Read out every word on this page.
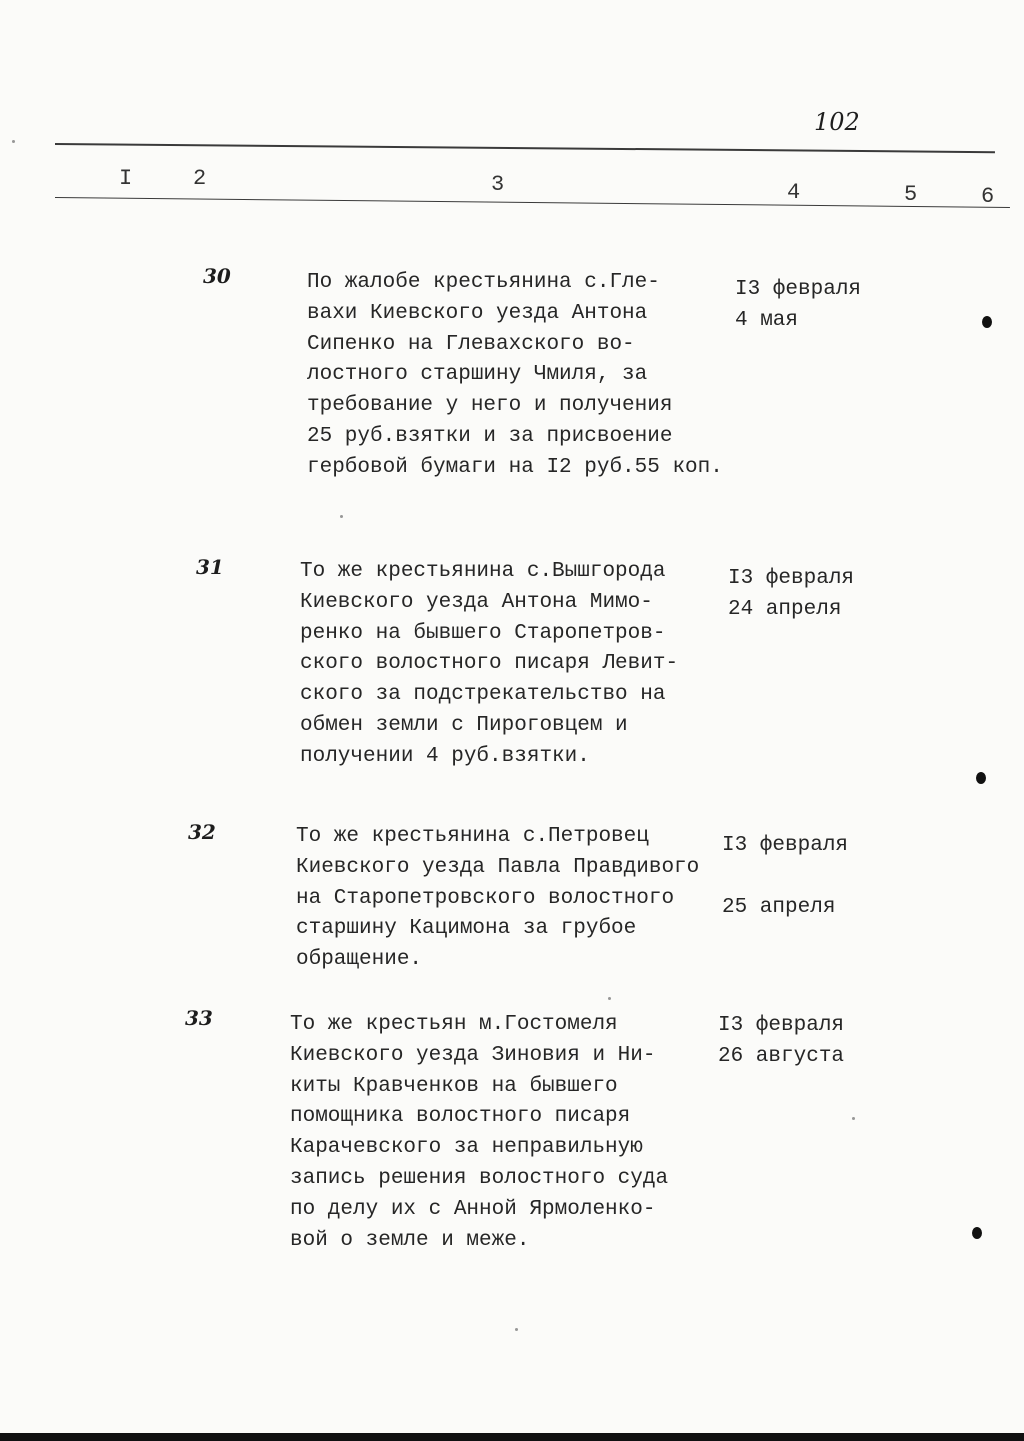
102
I	2	3	4	5	6
30	По жалобе крестьянина с.Гле-
вахи Киевского уезда Антона
Сипенко на Глевахского во-
лостного старшину Чмиля, за
требование у него и получения
25 руб.взятки и за присвоение
гербовой бумаги на I2 руб.55 коп.
I3 февраля
4 мая
31	То же крестьянина с.Вышгорода
Киевского уезда Антона Мимо-
ренко на бывшего Старопетров-
ского волостного писаря Левит-
ского за подстрекательство на
обмен земли с Пироговцем и
получении 4 руб.взятки.
I3 февраля
24 апреля
32	То же крестьянина с.Петровец
Киевского уезда Павла Правдивого
на Старопетровского волостного
старшину Кацимона за грубое
обращение.
I3 февраля

25 апреля
33	То же крестьян м.Гостомеля
Киевского уезда Зиновия и Ни-
киты Кравченков на бывшего
помощника волостного писаря
Карачевского за неправильную
запись решения волостного суда
по делу их с Анной Ярмоленко-
вой о земле и меже.
I3 февраля
26 августа
